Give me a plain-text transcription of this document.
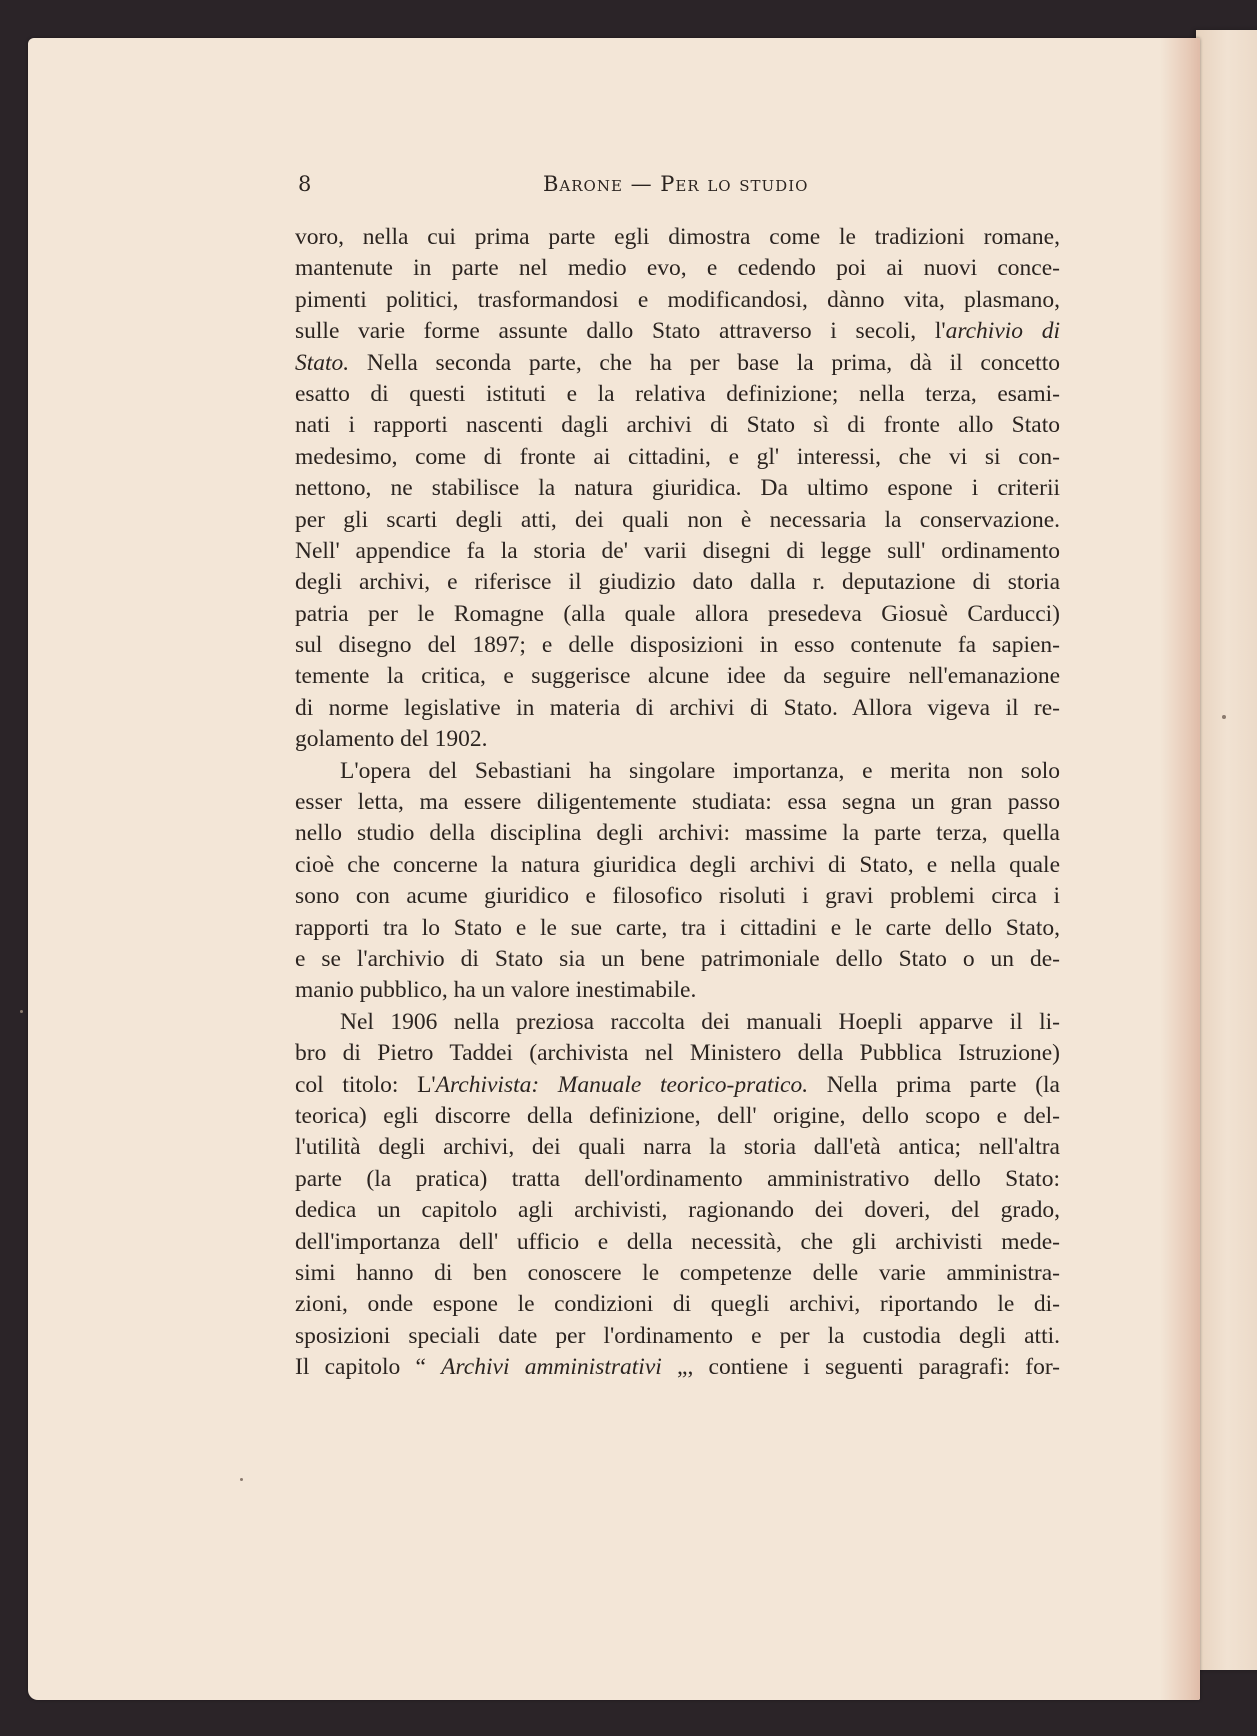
8	Barone — Per lo studio
voro, nella cui prima parte egli dimostra come le tradizioni romane,
mantenute in parte nel medio evo, e cedendo poi ai nuovi conce-
pimenti politici, trasformandosi e modificandosi, dànno vita, plasmano,
sulle varie forme assunte dallo Stato attraverso i secoli, l'archivio di
Stato. Nella seconda parte, che ha per base la prima, dà il concetto
esatto di questi istituti e la relativa definizione; nella terza, esami-
nati i rapporti nascenti dagli archivi di Stato sì di fronte allo Stato
medesimo, come di fronte ai cittadini, e gl' interessi, che vi si con-
nettono, ne stabilisce la natura giuridica. Da ultimo espone i criterii
per gli scarti degli atti, dei quali non è necessaria la conservazione.
Nell' appendice fa la storia de' varii disegni di legge sull' ordinamento
degli archivi, e riferisce il giudizio dato dalla r. deputazione di storia
patria per le Romagne (alla quale allora presedeva Giosuè Carducci)
sul disegno del 1897; e delle disposizioni in esso contenute fa sapien-
temente la critica, e suggerisce alcune idee da seguire nell'emanazione
di norme legislative in materia di archivi di Stato. Allora vigeva il re-
golamento del 1902.
L'opera del Sebastiani ha singolare importanza, e merita non solo
esser letta, ma essere diligentemente studiata: essa segna un gran passo
nello studio della disciplina degli archivi: massime la parte terza, quella
cioè che concerne la natura giuridica degli archivi di Stato, e nella quale
sono con acume giuridico e filosofico risoluti i gravi problemi circa i
rapporti tra lo Stato e le sue carte, tra i cittadini e le carte dello Stato,
e se l'archivio di Stato sia un bene patrimoniale dello Stato o un de-
manio pubblico, ha un valore inestimabile.
Nel 1906 nella preziosa raccolta dei manuali Hoepli apparve il li-
bro di Pietro Taddei (archivista nel Ministero della Pubblica Istruzione)
col titolo: L'Archivista: Manuale teorico-pratico. Nella prima parte (la
teorica) egli discorre della definizione, dell' origine, dello scopo e del-
l'utilità degli archivi, dei quali narra la storia dall'età antica; nell'altra
parte (la pratica) tratta dell'ordinamento amministrativo dello Stato:
dedica un capitolo agli archivisti, ragionando dei doveri, del grado,
dell'importanza dell' ufficio e della necessità, che gli archivisti mede-
simi hanno di ben conoscere le competenze delle varie amministra-
zioni, onde espone le condizioni di quegli archivi, riportando le di-
sposizioni speciali date per l'ordinamento e per la custodia degli atti.
Il capitolo “ Archivi amministrativi „, contiene i seguenti paragrafi: for-
